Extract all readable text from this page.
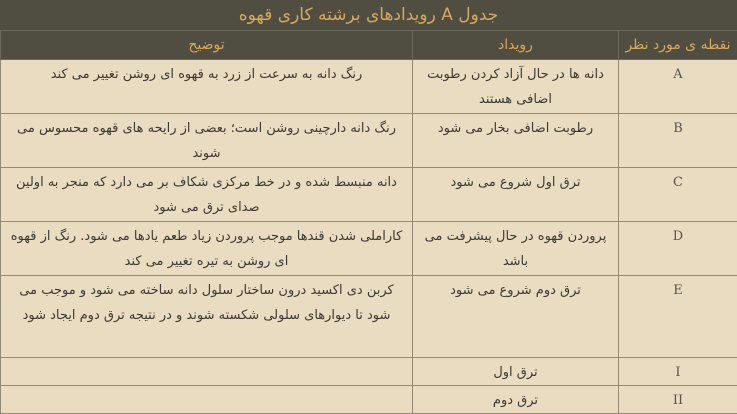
جدول A رویدادهای برشته کاری قهوه
نقطه ی مورد نظر	رویداد	توضیح
A	دانه ها در حال آزاد کردن رطوبت اضافی هستند	رنگ دانه به سرعت از زرد به قهوه ای روشن تغییر می کند
B	رطوبت اضافی بخار می شود	رنگ دانه دارچینی روشن است؛ بعضی از رایحه های قهوه محسوس می شوند
C	ترق اول شروع می شود	دانه منبسط شده و در خط مرکزی شکاف بر می دارد که منجر به اولین صدای ترق می شود
D	پروردن قهوه در حال پیشرفت می باشد	کاراملی شدن قندها موجب پروردن زیاد طعم یادها می شود. رنگ از قهوه ای روشن به تیره تغییر می کند
E	ترق دوم شروع می شود	کربن دی اکسید درون ساختار سلول دانه ساخته می شود و موجب می شود تا دیوارهای سلولی شکسته شوند و در نتیجه ترق دوم ایجاد شود
I	ترق اول	
II	ترق دوم	
